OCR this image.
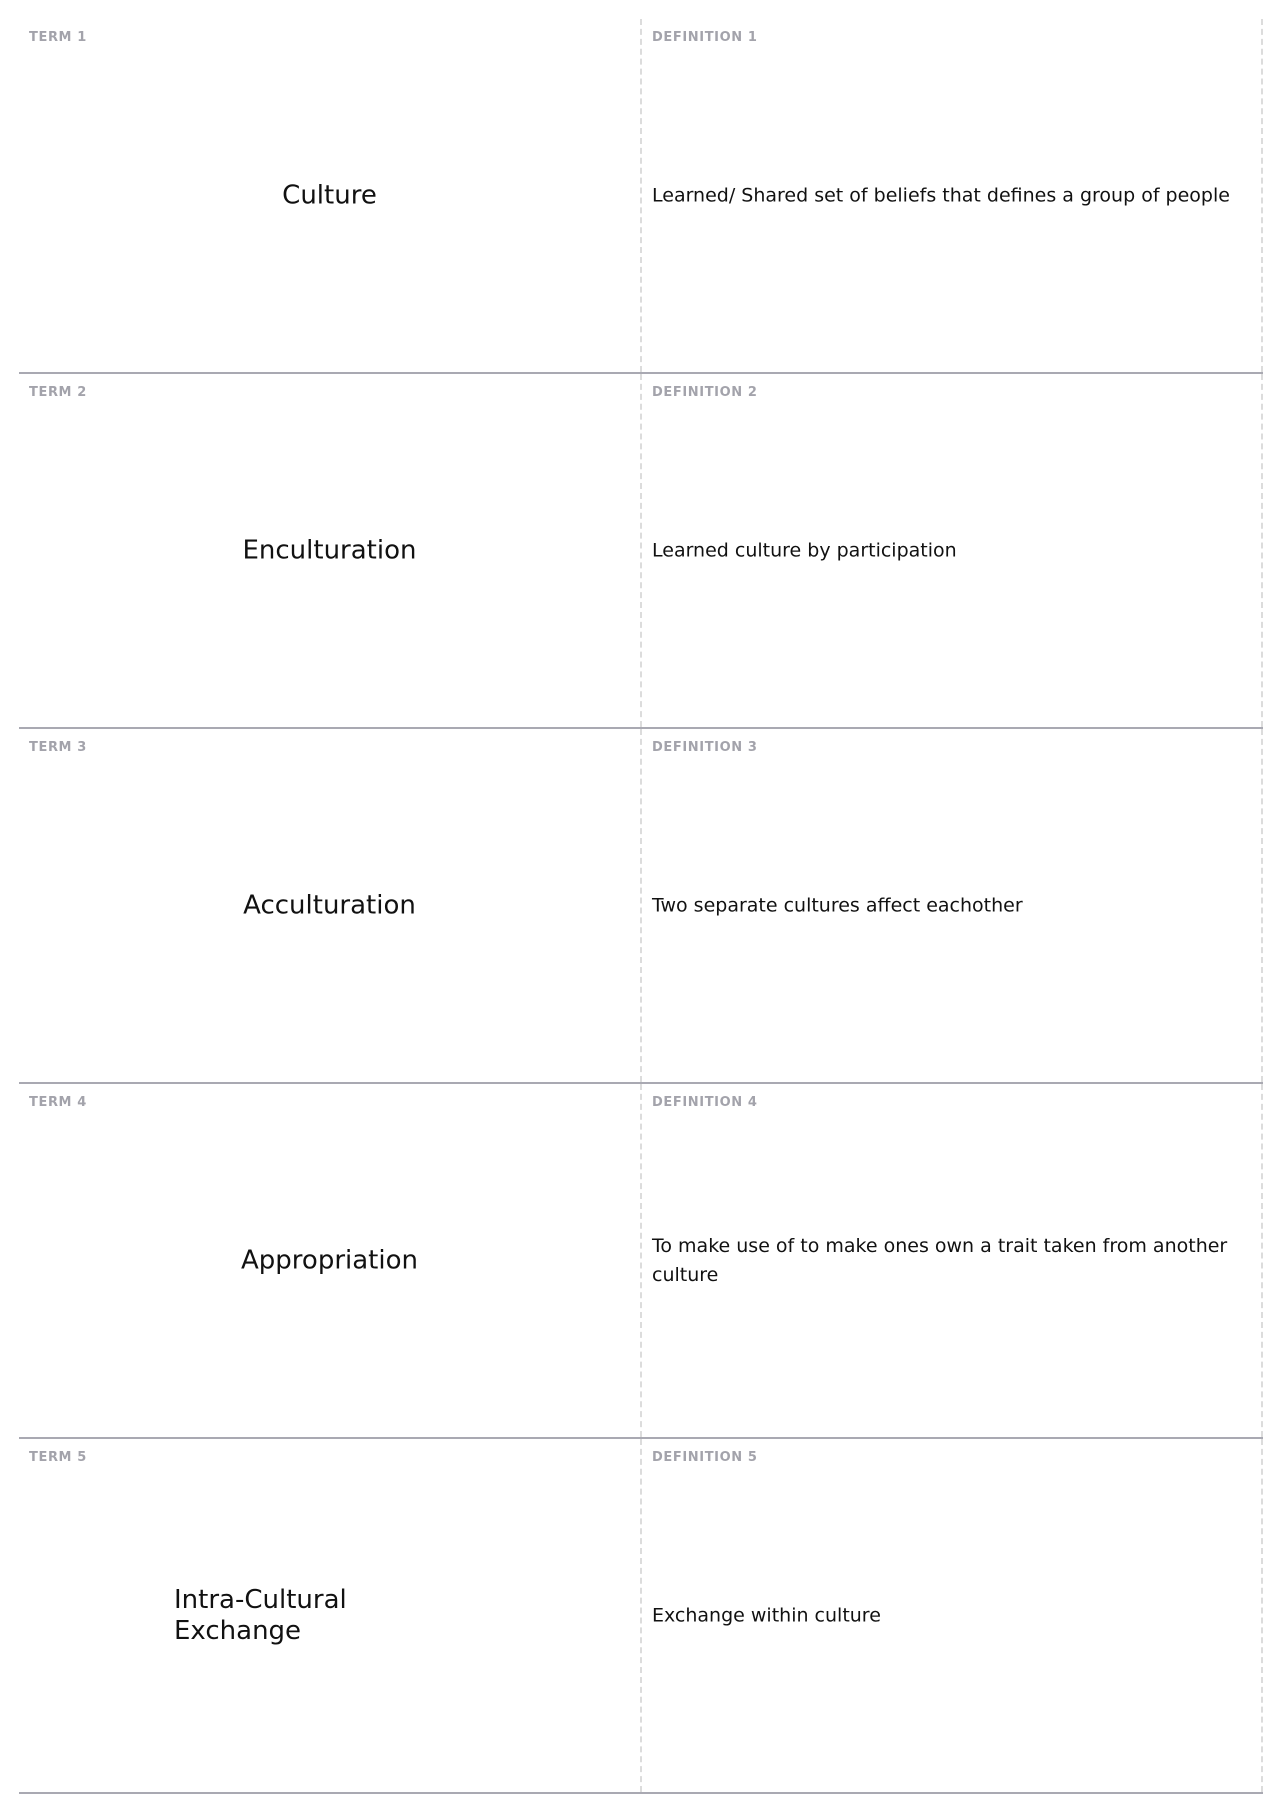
TERM 1
Culture
DEFINITION 1
Learned/ Shared set of beliefs that defines a group of people
TERM 2
Enculturation
DEFINITION 2
Learned culture by participation
TERM 3
Acculturation
DEFINITION 3
Two separate cultures affect eachother
TERM 4
Appropriation
DEFINITION 4
To make use of to make ones own a trait taken from another culture
TERM 5
Intra-Cultural Exchange
DEFINITION 5
Exchange within culture
